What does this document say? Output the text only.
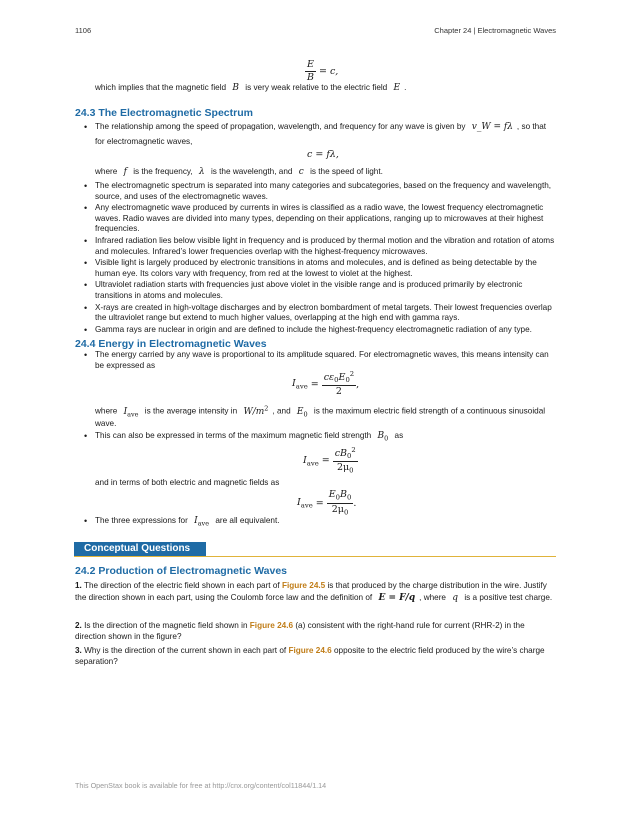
1106	Chapter 24 | Electromagnetic Waves
$\frac{E}{B} = c$,
which implies that the magnetic field B is very weak relative to the electric field E .
24.3 The Electromagnetic Spectrum
• The relationship among the speed of propagation, wavelength, and frequency for any wave is given by v_W = fλ , so that
for electromagnetic waves,
c = fλ,
where f is the frequency, λ is the wavelength, and c is the speed of light.
• The electromagnetic spectrum is separated into many categories and subcategories, based on the frequency and wavelength, source, and uses of the electromagnetic waves.
• Any electromagnetic wave produced by currents in wires is classified as a radio wave, the lowest frequency electromagnetic waves. Radio waves are divided into many types, depending on their applications, ranging up to microwaves at their highest frequencies.
• Infrared radiation lies below visible light in frequency and is produced by thermal motion and the vibration and rotation of atoms and molecules. Infrared’s lower frequencies overlap with the highest-frequency microwaves.
• Visible light is largely produced by electronic transitions in atoms and molecules, and is defined as being detectable by the human eye. Its colors vary with frequency, from red at the lowest to violet at the highest.
• Ultraviolet radiation starts with frequencies just above violet in the visible range and is produced primarily by electronic transitions in atoms and molecules.
• X-rays are created in high-voltage discharges and by electron bombardment of metal targets. Their lowest frequencies overlap the ultraviolet range but extend to much higher values, overlapping at the high end with gamma rays.
• Gamma rays are nuclear in origin and are defined to include the highest-frequency electromagnetic radiation of any type.
24.4 Energy in Electromagnetic Waves
• The energy carried by any wave is proportional to its amplitude squared. For electromagnetic waves, this means intensity can be expressed as
$I_{ave} = \frac{c\varepsilon_0E_0^2}{2}$ ,
where $I_{ave}$ is the average intensity in $W/m^2$ , and $E_0$ is the maximum electric field strength of a continuous sinusoidal
wave.
• This can also be expressed in terms of the maximum magnetic field strength $B_0$ as
$I_{ave} = \frac{cB_0^2}{2\mu_0}$
and in terms of both electric and magnetic fields as
$I_{ave} = \frac{E_0B_0}{2\mu_0}$ .
• The three expressions for $I_{ave}$ are all equivalent.
Conceptual Questions
24.2 Production of Electromagnetic Waves
1. The direction of the electric field shown in each part of Figure 24.5 is that produced by the charge distribution in the wire. Justify the direction shown in each part, using the Coulomb force law and the definition of E = F/q , where q is a positive test charge.
2. Is the direction of the magnetic field shown in Figure 24.6 (a) consistent with the right-hand rule for current (RHR-2) in the direction shown in the figure?
3. Why is the direction of the current shown in each part of Figure 24.6 opposite to the electric field produced by the wire’s charge separation?
This OpenStax book is available for free at http://cnx.org/content/col11844/1.14
